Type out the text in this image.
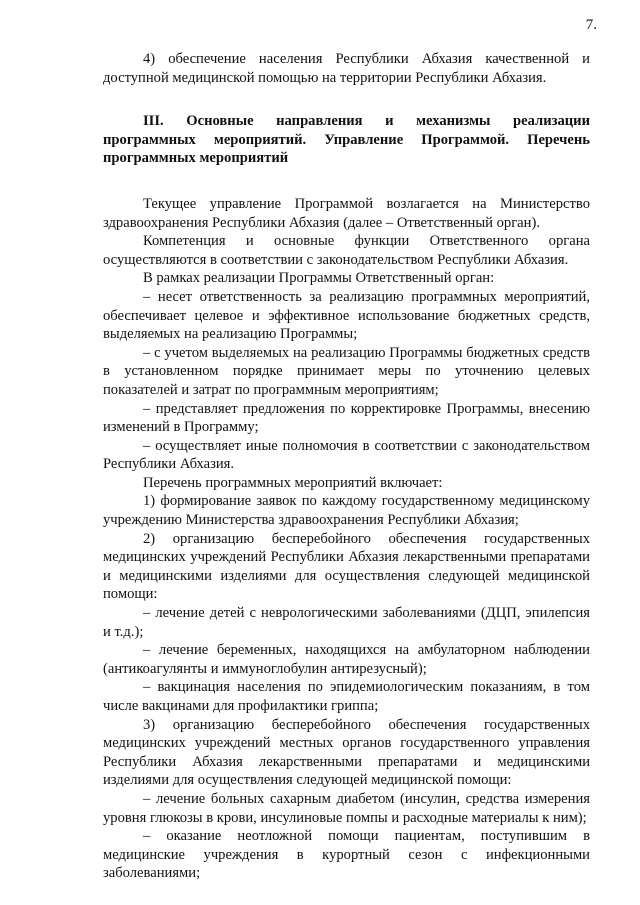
7.

4) обеспечение населения Республики Абхазия качественной и доступной медицинской помощью на территории Республики Абхазия.

III. Основные направления и механизмы реализации программных мероприятий. Управление Программой. Перечень программных мероприятий

Текущее управление Программой возлагается на Министерство здравоохранения Республики Абхазия (далее – Ответственный орган).

Компетенция и основные функции Ответственного органа осуществляются в соответствии с законодательством Республики Абхазия.

В рамках реализации Программы Ответственный орган:

– несет ответственность за реализацию программных мероприятий, обеспечивает целевое и эффективное использование бюджетных средств, выделяемых на реализацию Программы;

– с учетом выделяемых на реализацию Программы бюджетных средств в установленном порядке принимает меры по уточнению целевых показателей и затрат по программным мероприятиям;

– представляет предложения по корректировке Программы, внесению изменений в Программу;

– осуществляет иные полномочия в соответствии с законодательством Республики Абхазия.

Перечень программных мероприятий включает:

1) формирование заявок по каждому государственному медицинскому учреждению Министерства здравоохранения Республики Абхазия;

2) организацию бесперебойного обеспечения государственных медицинских учреждений Республики Абхазия лекарственными препаратами и медицинскими изделиями для осуществления следующей медицинской помощи:

– лечение детей с неврологическими заболеваниями (ДЦП, эпилепсия и т.д.);

– лечение беременных, находящихся на амбулаторном наблюдении (антикоагулянты и иммуноглобулин антирезусный);

– вакцинация населения по эпидемиологическим показаниям, в том числе вакцинами для профилактики гриппа;

3) организацию бесперебойного обеспечения государственных медицинских учреждений местных органов государственного управления Республики Абхазия лекарственными препаратами и медицинскими изделиями для осуществления следующей медицинской помощи:

– лечение больных сахарным диабетом (инсулин, средства измерения уровня глюкозы в крови, инсулиновые помпы и расходные материалы к ним);

– оказание неотложной помощи пациентам, поступившим в медицинские учреждения в курортный сезон с инфекционными заболеваниями;
